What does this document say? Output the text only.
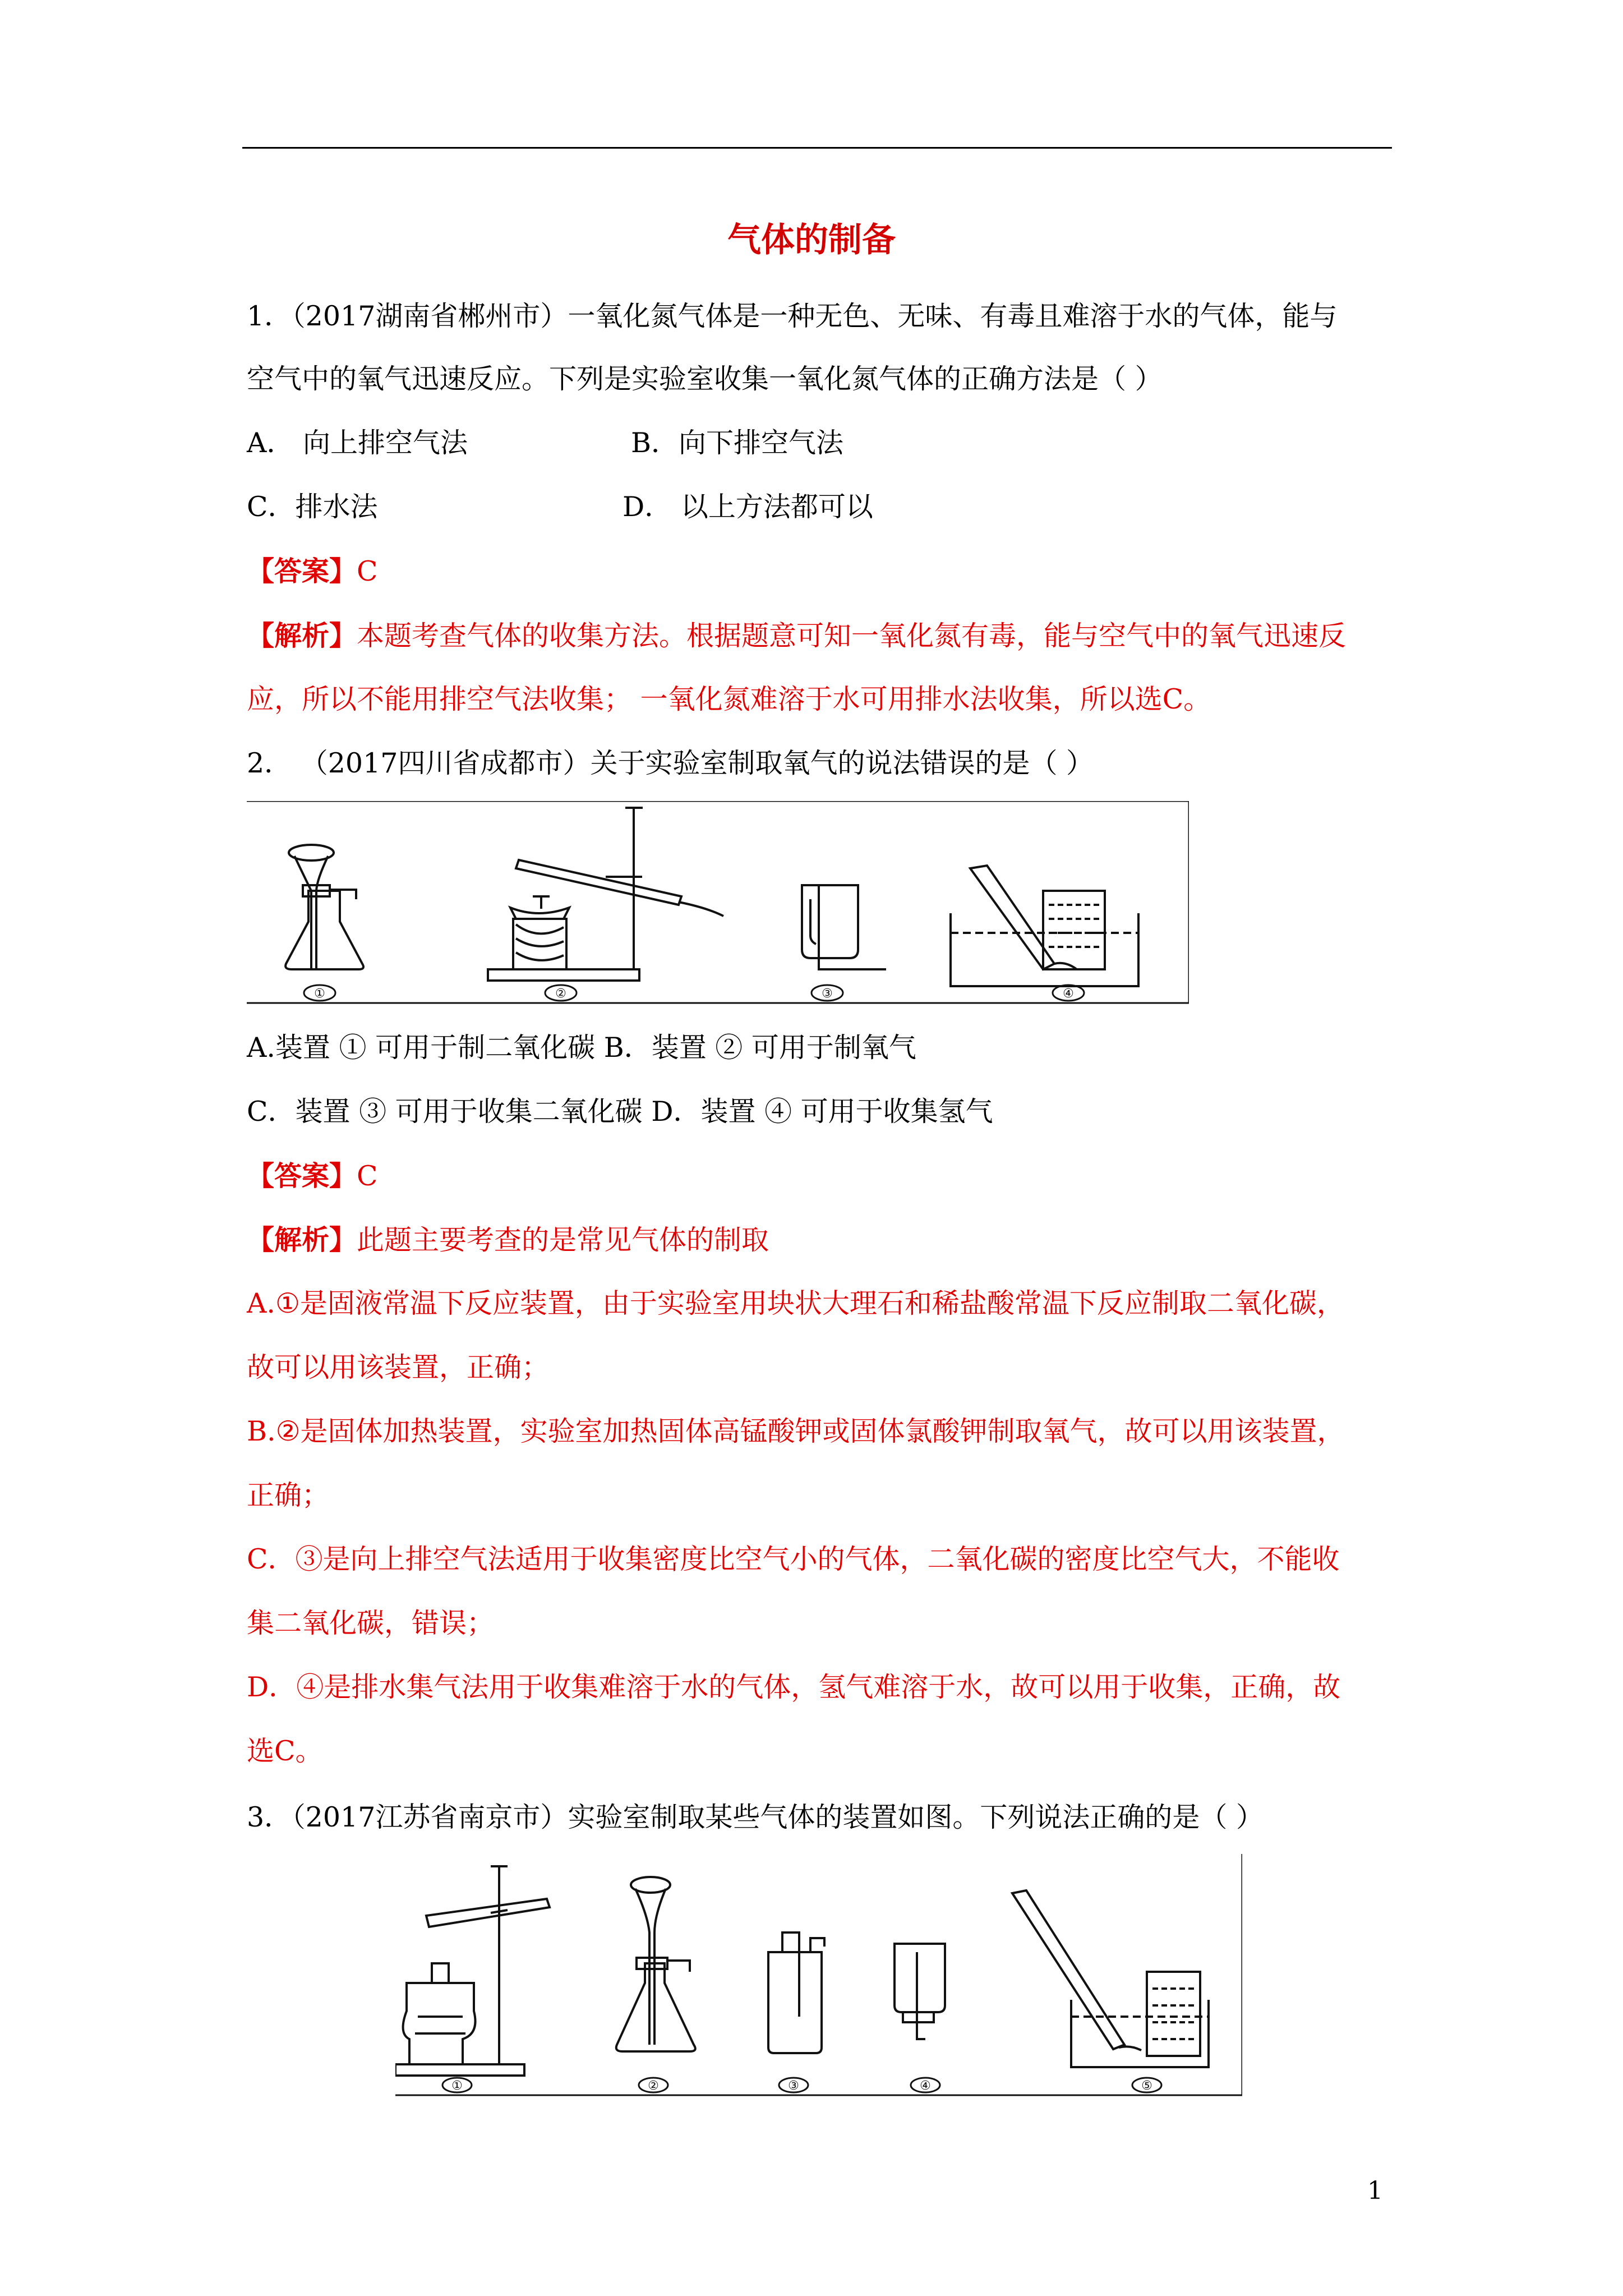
气体的制备
1．（2017湖南省郴州市）一氧化氮气体是一种无色、无味、有毒且难溶于水的气体，能与
空气中的氧气迅速反应。下列是实验室收集一氧化氮气体的正确方法是（ ）
A． 向上排空气法	B．向下排空气法
C．排水法	D． 以上方法都可以
【答案】C
【解析】本题考查气体的收集方法。根据题意可知一氧化氮有毒，能与空气中的氧气迅速反
应，所以不能用排空气法收集； 一氧化氮难溶于水可用排水法收集，所以选C。
2． （2017四川省成都市）关于实验室制取氧气的说法错误的是（ ）
①	②	③	④
A.装置 ① 可用于制二氧化碳 B．装置 ② 可用于制氧气
C．装置 ③ 可用于收集二氧化碳 D．装置 ④ 可用于收集氢气
【答案】C
【解析】此题主要考查的是常见气体的制取
A.①是固液常温下反应装置，由于实验室用块状大理石和稀盐酸常温下反应制取二氧化碳，
故可以用该装置，正确；
B.②是固体加热装置，实验室加热固体高锰酸钾或固体氯酸钾制取氧气，故可以用该装置，
正确；
C．③是向上排空气法适用于收集密度比空气小的气体，二氧化碳的密度比空气大，不能收
集二氧化碳，错误；
D．④是排水集气法用于收集难溶于水的气体，氢气难溶于水，故可以用于收集，正确，故
选C。
3．（2017江苏省南京市）实验室制取某些气体的装置如图。下列说法正确的是（ ）
①	②	③	④	⑤
1
